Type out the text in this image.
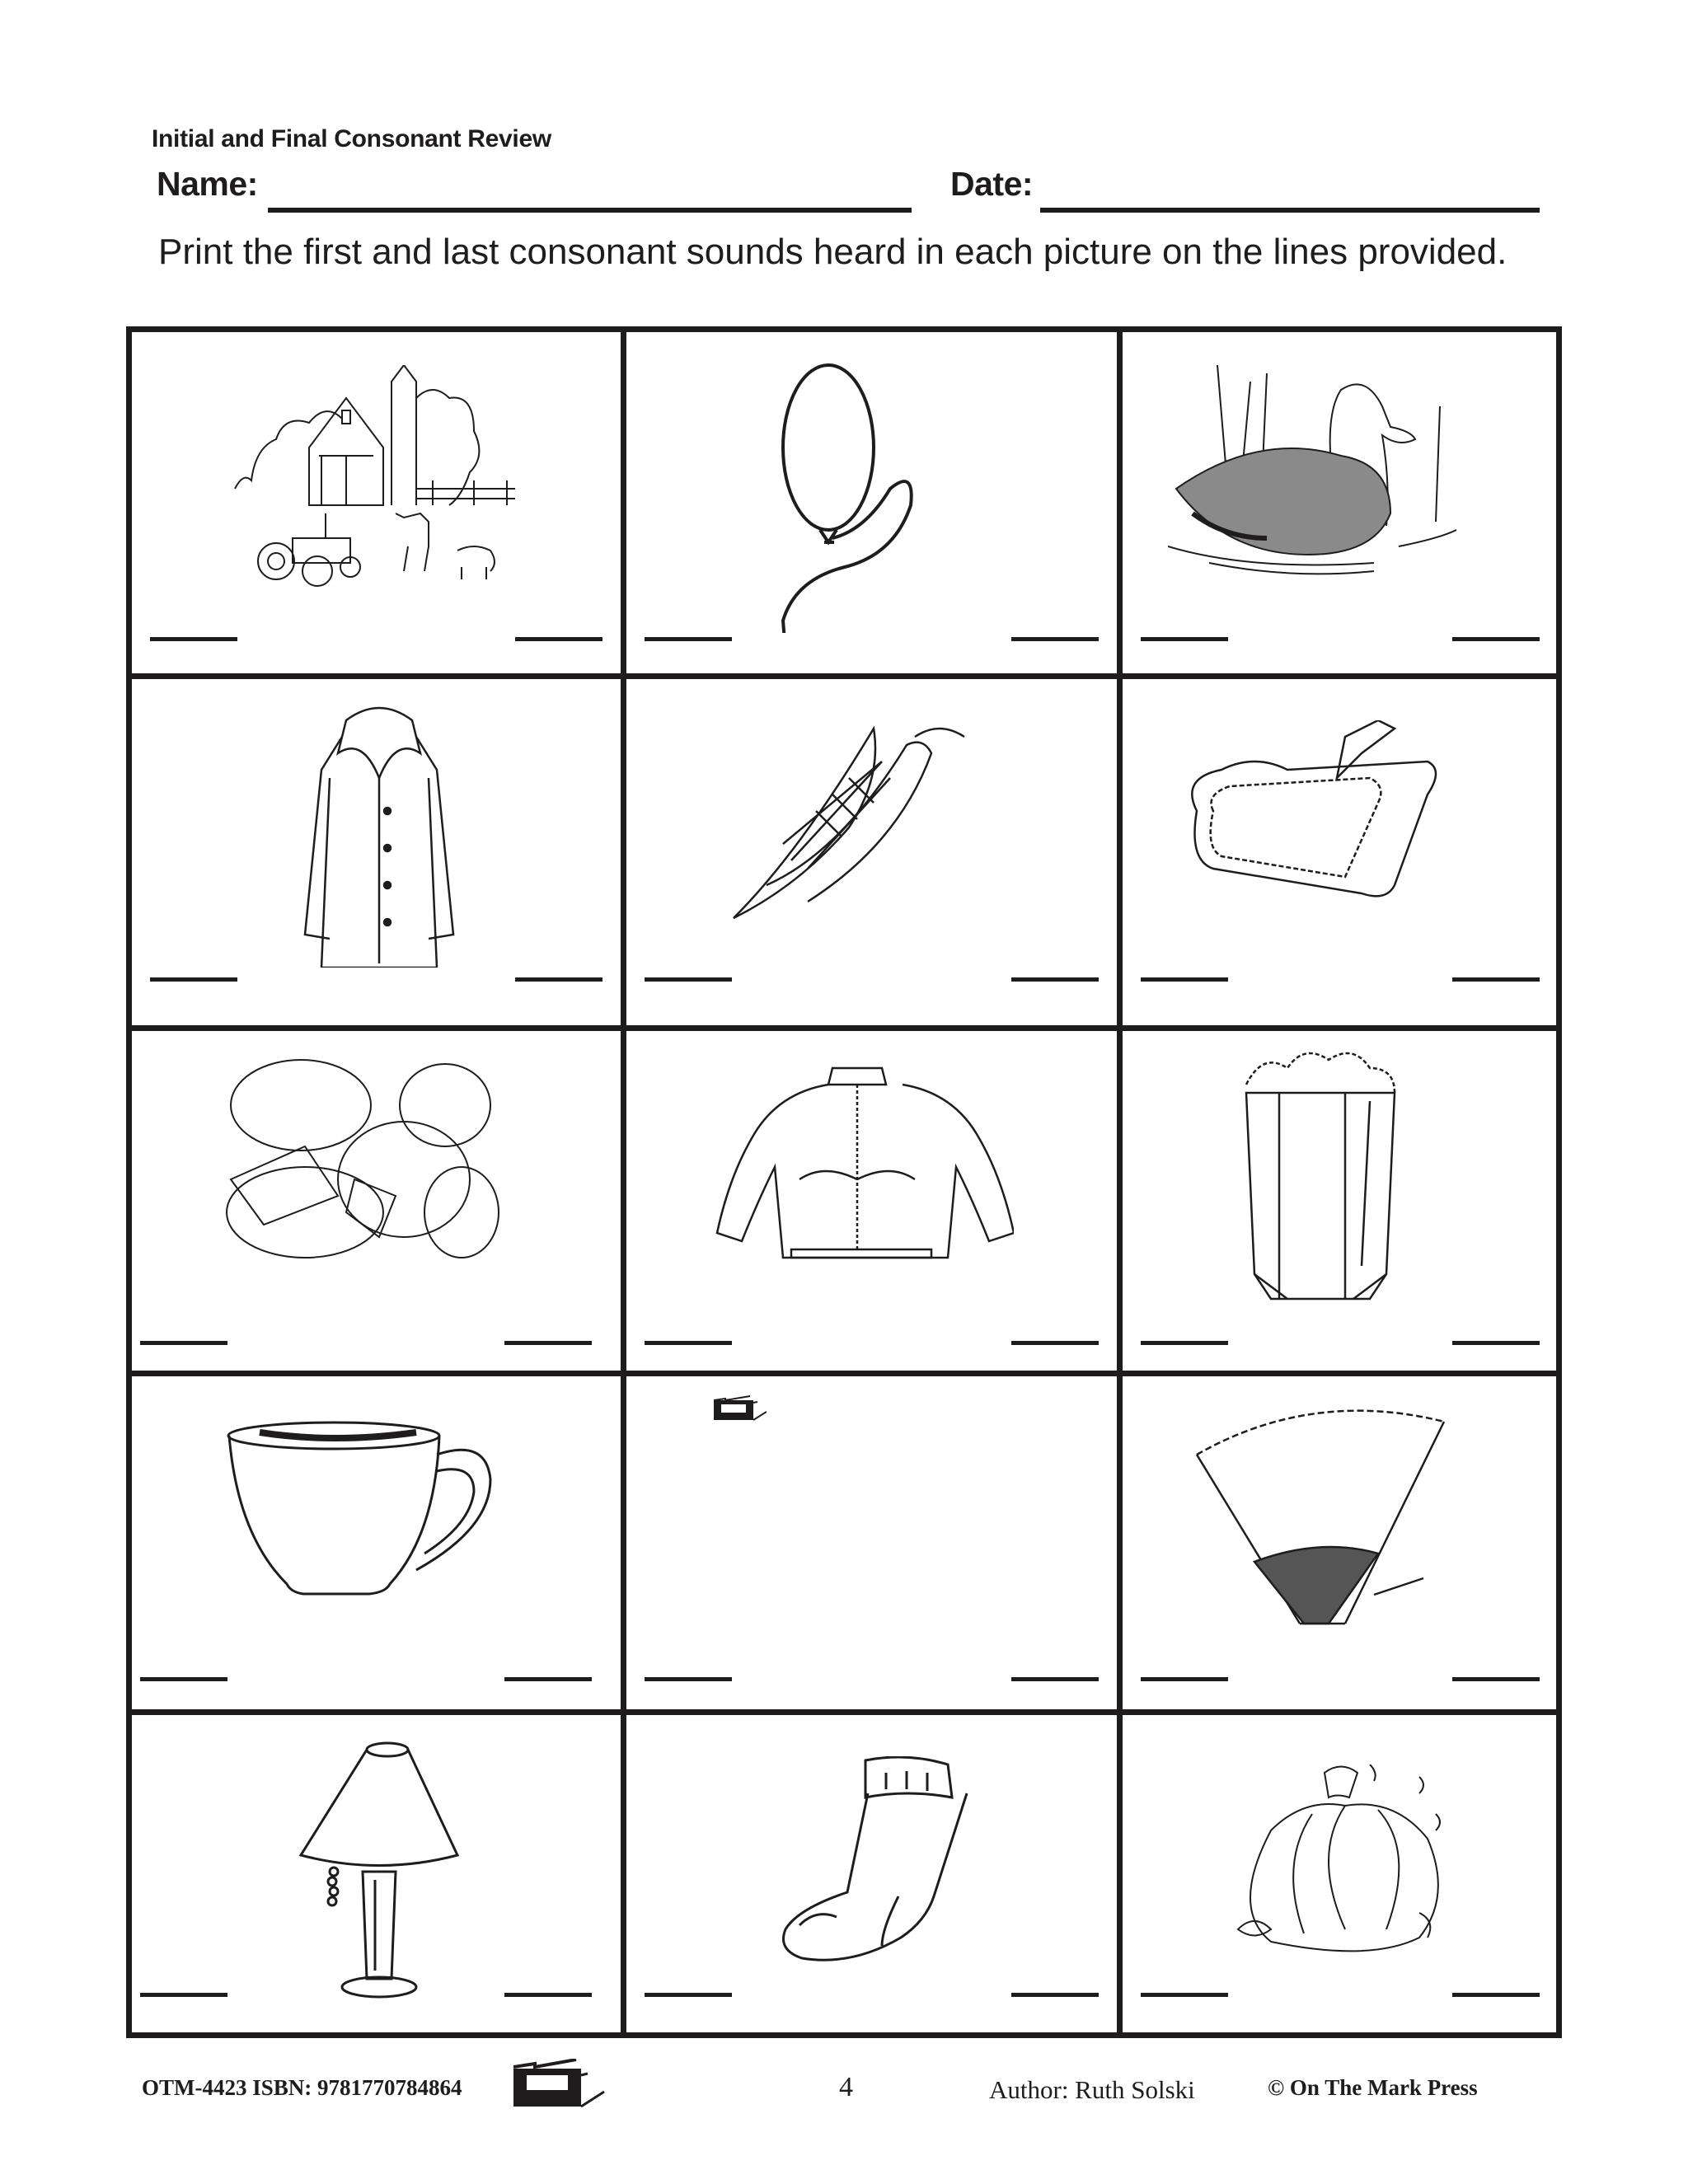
Initial and Final Consonant Review
Name:	Date:
Print the first and last consonant sounds heard in each picture on the lines provided.
OTM-4423 ISBN: 9781770784864	4	Author: Ruth Solski	© On The Mark Press
